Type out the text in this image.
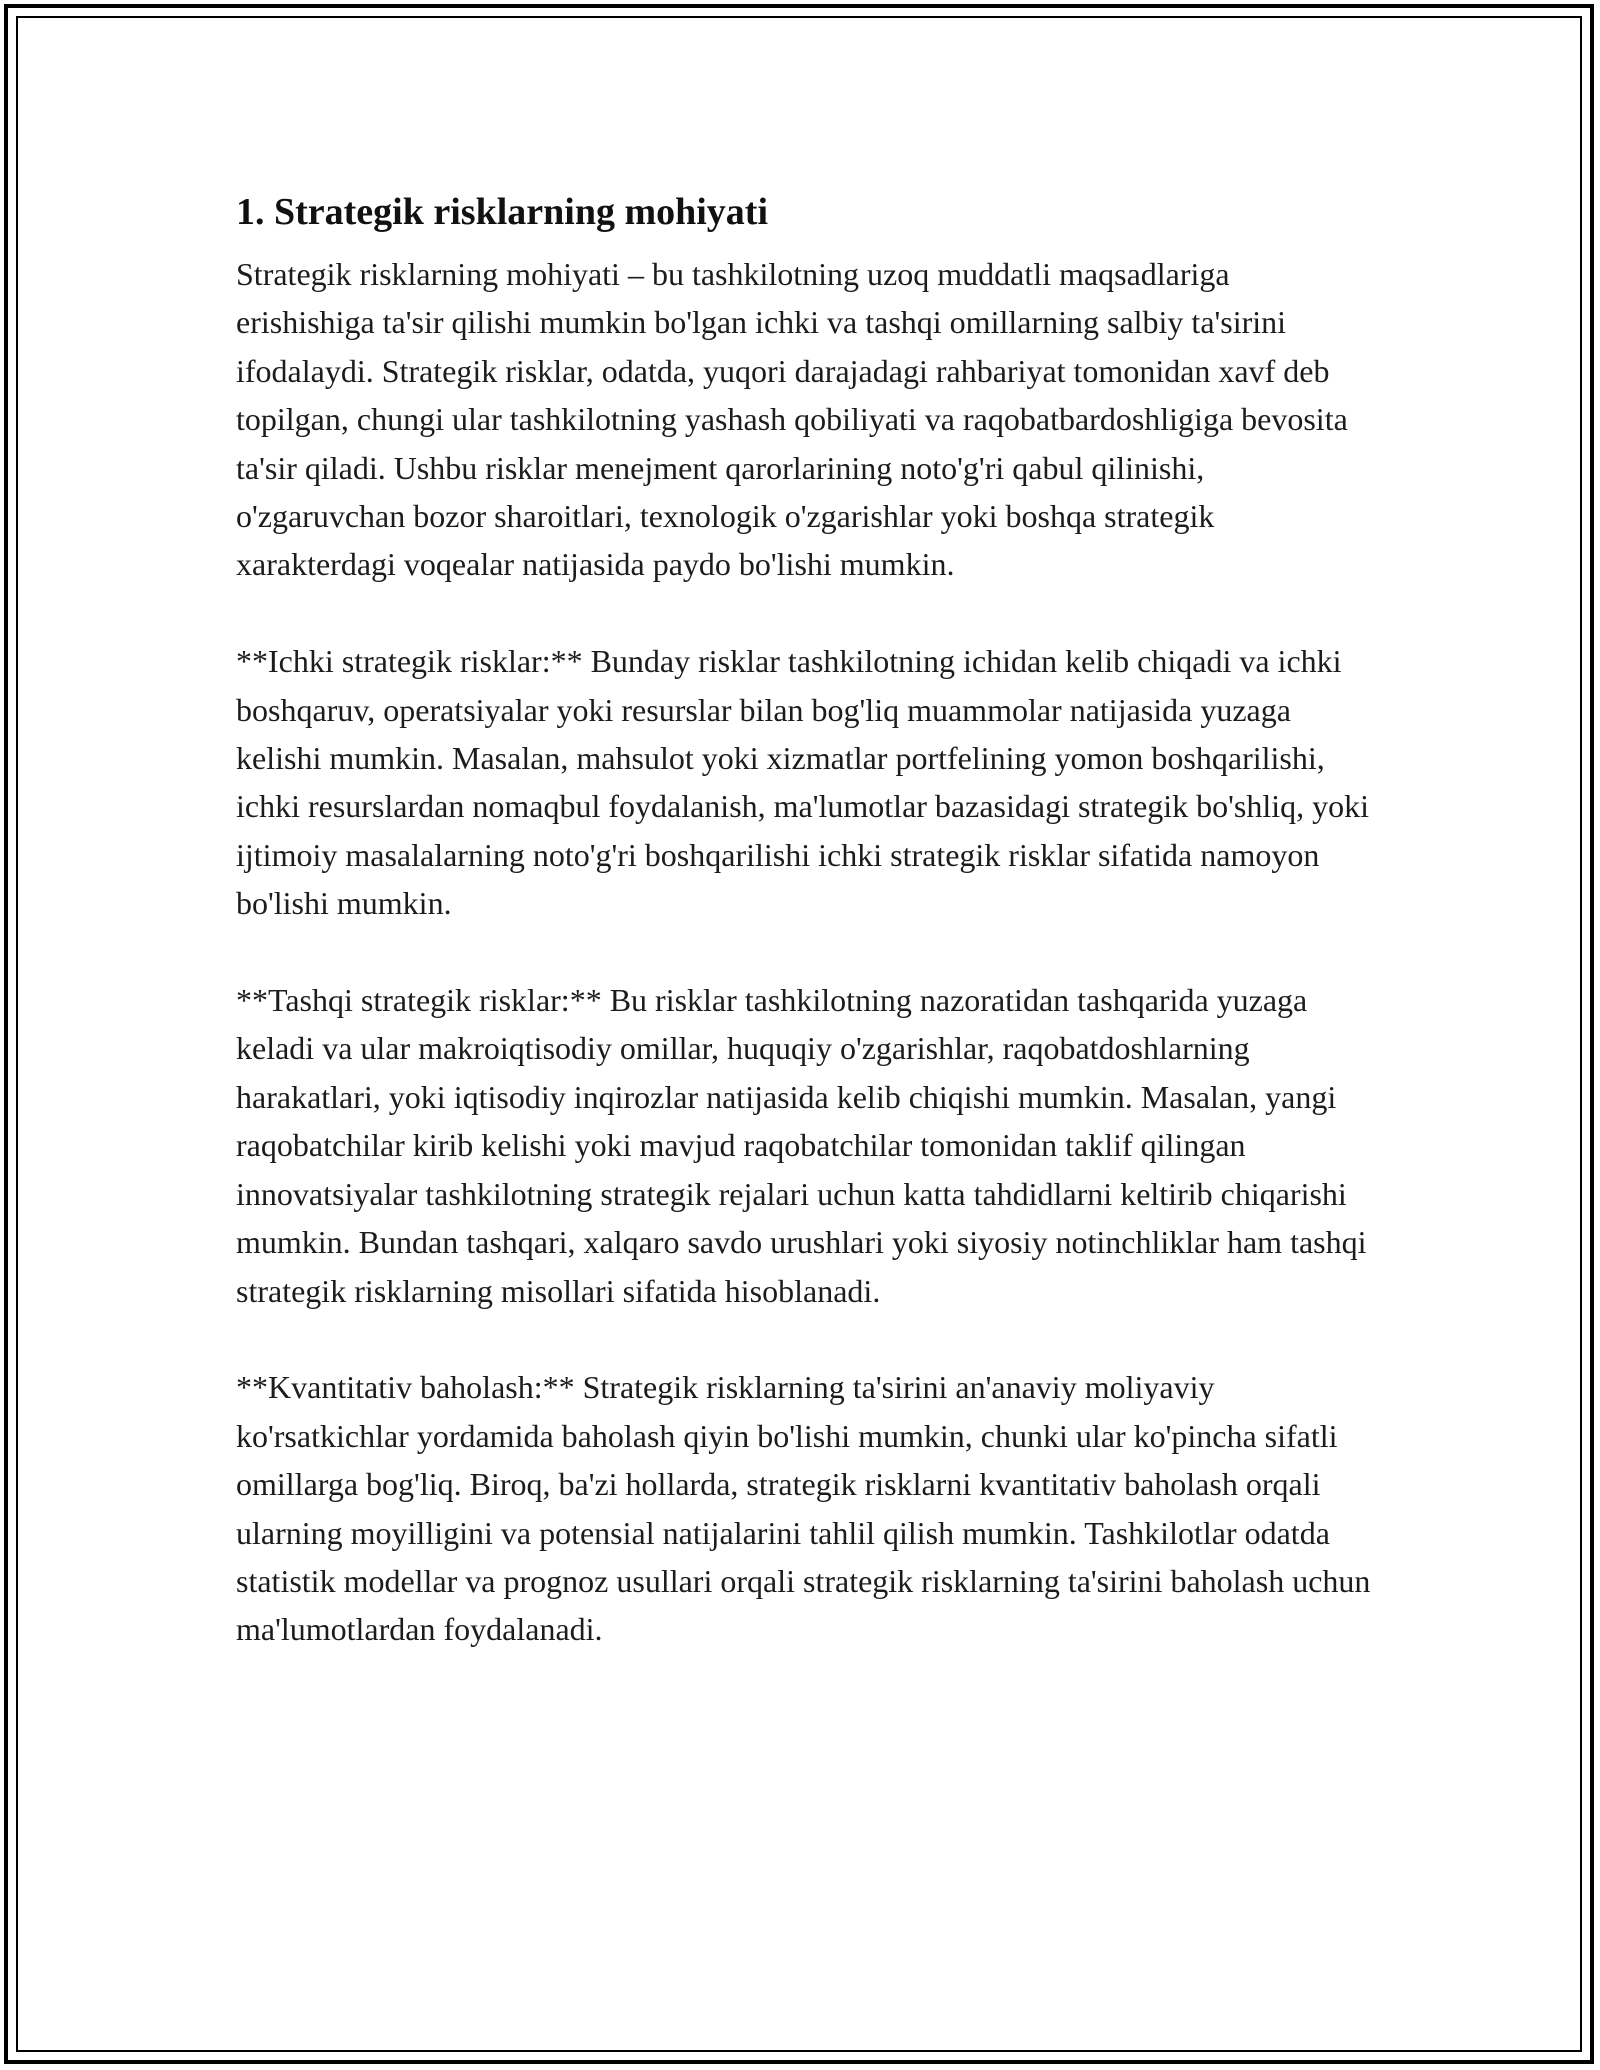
1. Strategik risklarning mohiyati

Strategik risklarning mohiyati – bu tashkilotning uzoq muddatli maqsadlariga erishishiga ta'sir qilishi mumkin bo'lgan ichki va tashqi omillarning salbiy ta'sirini ifodalaydi. Strategik risklar, odatda, yuqori darajadagi rahbariyat tomonidan xavf deb topilgan, chungi ular tashkilotning yashash qobiliyati va raqobatbardoshligiga bevosita ta'sir qiladi. Ushbu risklar menejment qarorlarining noto'g'ri qabul qilinishi, o'zgaruvchan bozor sharoitlari, texnologik o'zgarishlar yoki boshqa strategik xarakterdagi voqealar natijasida paydo bo'lishi mumkin.

**Ichki strategik risklar:** Bunday risklar tashkilotning ichidan kelib chiqadi va ichki boshqaruv, operatsiyalar yoki resurslar bilan bog'liq muammolar natijasida yuzaga kelishi mumkin. Masalan, mahsulot yoki xizmatlar portfelining yomon boshqarilishi, ichki resurslardan nomaqbul foydalanish, ma'lumotlar bazasidagi strategik bo'shliq, yoki ijtimoiy masalalarning noto'g'ri boshqarilishi ichki strategik risklar sifatida namoyon bo'lishi mumkin.

**Tashqi strategik risklar:** Bu risklar tashkilotning nazoratidan tashqarida yuzaga keladi va ular makroiqtisodiy omillar, huquqiy o'zgarishlar, raqobatdoshlarning harakatlari, yoki iqtisodiy inqirozlar natijasida kelib chiqishi mumkin. Masalan, yangi raqobatchilar kirib kelishi yoki mavjud raqobatchilar tomonidan taklif qilingan innovatsiyalar tashkilotning strategik rejalari uchun katta tahdidlarni keltirib chiqarishi mumkin. Bundan tashqari, xalqaro savdo urushlari yoki siyosiy notinchliklar ham tashqi strategik risklarning misollari sifatida hisoblanadi.

**Kvantitativ baholash:** Strategik risklarning ta'sirini an'anaviy moliyaviy ko'rsatkichlar yordamida baholash qiyin bo'lishi mumkin, chunki ular ko'pincha sifatli omillarga bog'liq. Biroq, ba'zi hollarda, strategik risklarni kvantitativ baholash orqali ularning moyilligini va potensial natijalarini tahlil qilish mumkin. Tashkilotlar odatda statistik modellar va prognoz usullari orqali strategik risklarning ta'sirini baholash uchun ma'lumotlardan foydalanadi.
